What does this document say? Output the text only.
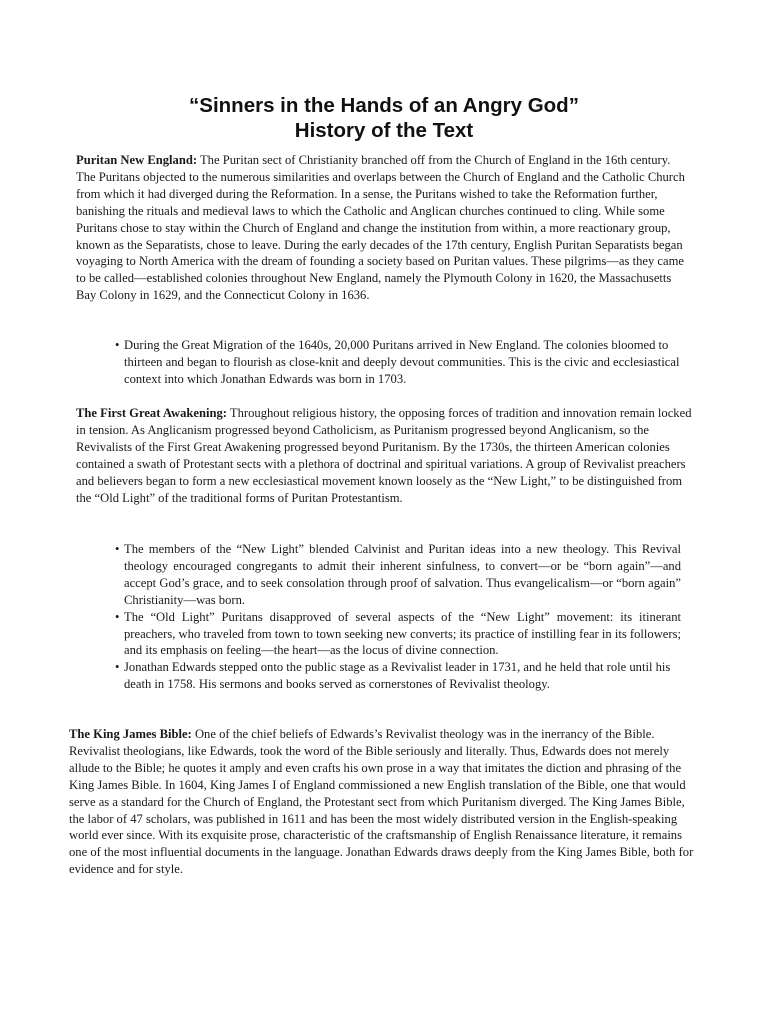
“Sinners in the Hands of an Angry God”
History of the Text
Puritan New England: The Puritan sect of Christianity branched off from the Church of England in the 16th century. The Puritans objected to the numerous similarities and overlaps between the Church of England and the Catholic Church from which it had diverged during the Reformation. In a sense, the Puritans wished to take the Reformation further, banishing the rituals and medieval laws to which the Catholic and Anglican churches continued to cling. While some Puritans chose to stay within the Church of England and change the institution from within, a more reactionary group, known as the Separatists, chose to leave. During the early decades of the 17th century, English Puritan Separatists began voyaging to North America with the dream of founding a society based on Puritan values. These pilgrims—as they came to be called—established colonies throughout New England, namely the Plymouth Colony in 1620, the Massachusetts Bay Colony in 1629, and the Connecticut Colony in 1636.
• During the Great Migration of the 1640s, 20,000 Puritans arrived in New England. The colonies bloomed to thirteen and began to flourish as close-knit and deeply devout communities. This is the civic and ecclesiastical context into which Jonathan Edwards was born in 1703.
The First Great Awakening: Throughout religious history, the opposing forces of tradition and innovation remain locked in tension. As Anglicanism progressed beyond Catholicism, as Puritanism progressed beyond Anglicanism, so the Revivalists of the First Great Awakening progressed beyond Puritanism. By the 1730s, the thirteen American colonies contained a swath of Protestant sects with a plethora of doctrinal and spiritual variations. A group of Revivalist preachers and believers began to form a new ecclesiastical movement known loosely as the “New Light,” to be distinguished from the “Old Light” of the traditional forms of Puritan Protestantism.
• The members of the “New Light” blended Calvinist and Puritan ideas into a new theology. This Revival theology encouraged congregants to admit their inherent sinfulness, to convert—or be “born again”—and accept God’s grace, and to seek consolation through proof of salvation. Thus evangelicalism—or “born again” Christianity—was born.
• The “Old Light” Puritans disapproved of several aspects of the “New Light” movement: its itinerant preachers, who traveled from town to town seeking new converts; its practice of instilling fear in its followers; and its emphasis on feeling—the heart—as the locus of divine connection.
• Jonathan Edwards stepped onto the public stage as a Revivalist leader in 1731, and he held that role until his death in 1758. His sermons and books served as cornerstones of Revivalist theology.
The King James Bible: One of the chief beliefs of Edwards’s Revivalist theology was in the inerrancy of the Bible. Revivalist theologians, like Edwards, took the word of the Bible seriously and literally. Thus, Edwards does not merely allude to the Bible; he quotes it amply and even crafts his own prose in a way that imitates the diction and phrasing of the King James Bible. In 1604, King James I of England commissioned a new English translation of the Bible, one that would serve as a standard for the Church of England, the Protestant sect from which Puritanism diverged. The King James Bible, the labor of 47 scholars, was published in 1611 and has been the most widely distributed version in the English-speaking world ever since. With its exquisite prose, characteristic of the craftsmanship of English Renaissance literature, it remains one of the most influential documents in the language. Jonathan Edwards draws deeply from the King James Bible, both for evidence and for style.
